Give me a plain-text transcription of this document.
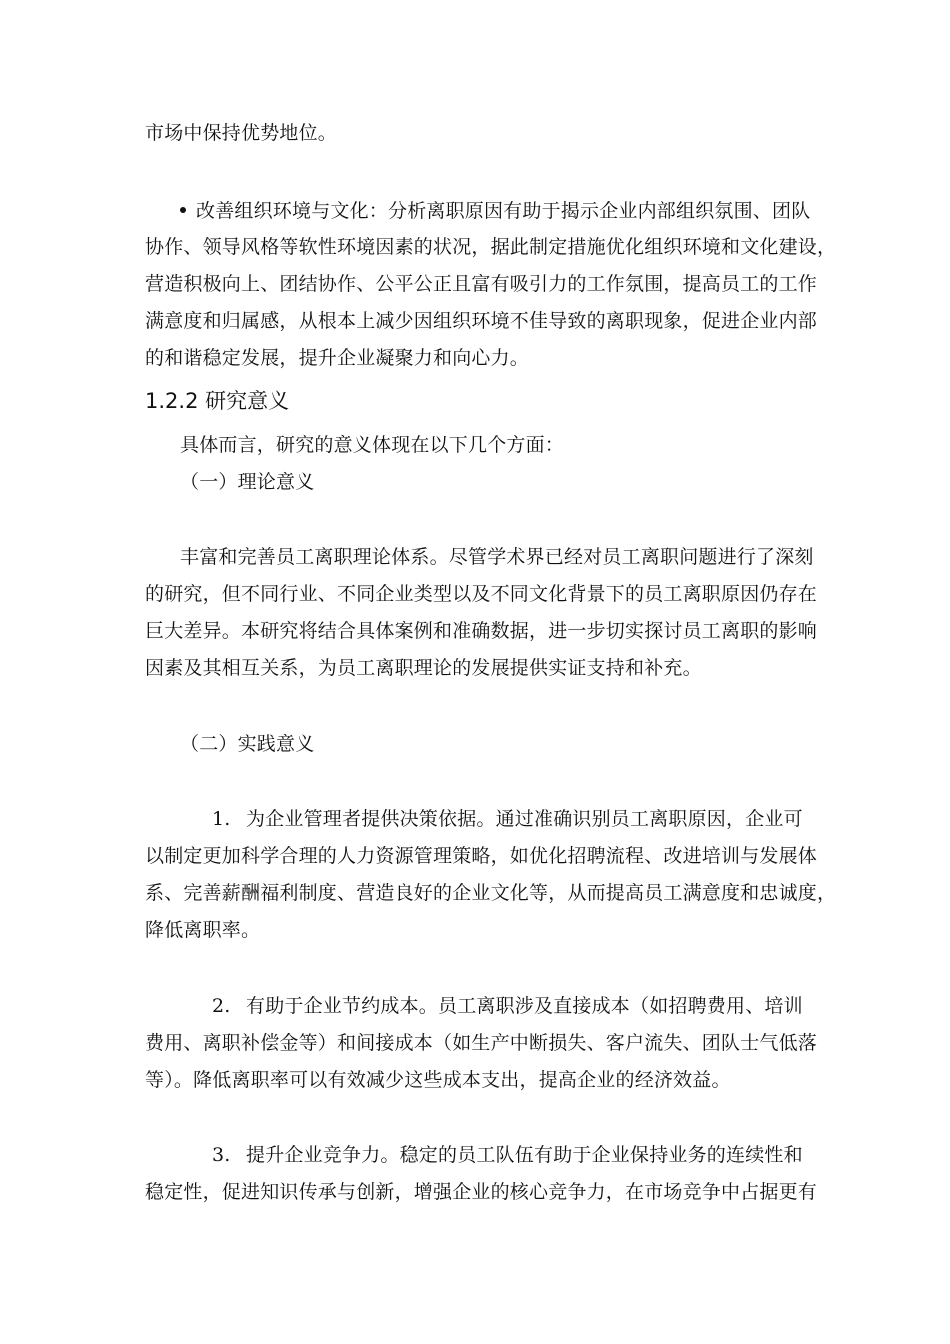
市场中保持优势地位。
改善组织环境与文化：分析离职原因有助于揭示企业内部组织氛围、团队
协作、领导风格等软性环境因素的状况，据此制定措施优化组织环境和文化建设，
营造积极向上、团结协作、公平公正且富有吸引力的工作氛围，提高员工的工作
满意度和归属感，从根本上减少因组织环境不佳导致的离职现象，促进企业内部
的和谐稳定发展，提升企业凝聚力和向心力。
1.2.2 研究意义
具体而言，研究的意义体现在以下几个方面：
（一）理论意义
丰富和完善员工离职理论体系。尽管学术界已经对员工离职问题进行了深刻
的研究，但不同行业、不同企业类型以及不同文化背景下的员工离职原因仍存在
巨大差异。本研究将结合具体案例和准确数据，进一步切实探讨员工离职的影响
因素及其相互关系，为员工离职理论的发展提供实证支持和补充。
（二）实践意义
1. 为企业管理者提供决策依据。通过准确识别员工离职原因，企业可
以制定更加科学合理的人力资源管理策略，如优化招聘流程、改进培训与发展体
系、完善薪酬福利制度、营造良好的企业文化等，从而提高员工满意度和忠诚度，
降低离职率。
2. 有助于企业节约成本。员工离职涉及直接成本（如招聘费用、培训
费用、离职补偿金等）和间接成本（如生产中断损失、客户流失、团队士气低落
等）。降低离职率可以有效减少这些成本支出，提高企业的经济效益。
3. 提升企业竞争力。稳定的员工队伍有助于企业保持业务的连续性和
稳定性，促进知识传承与创新，增强企业的核心竞争力，在市场竞争中占据更有
